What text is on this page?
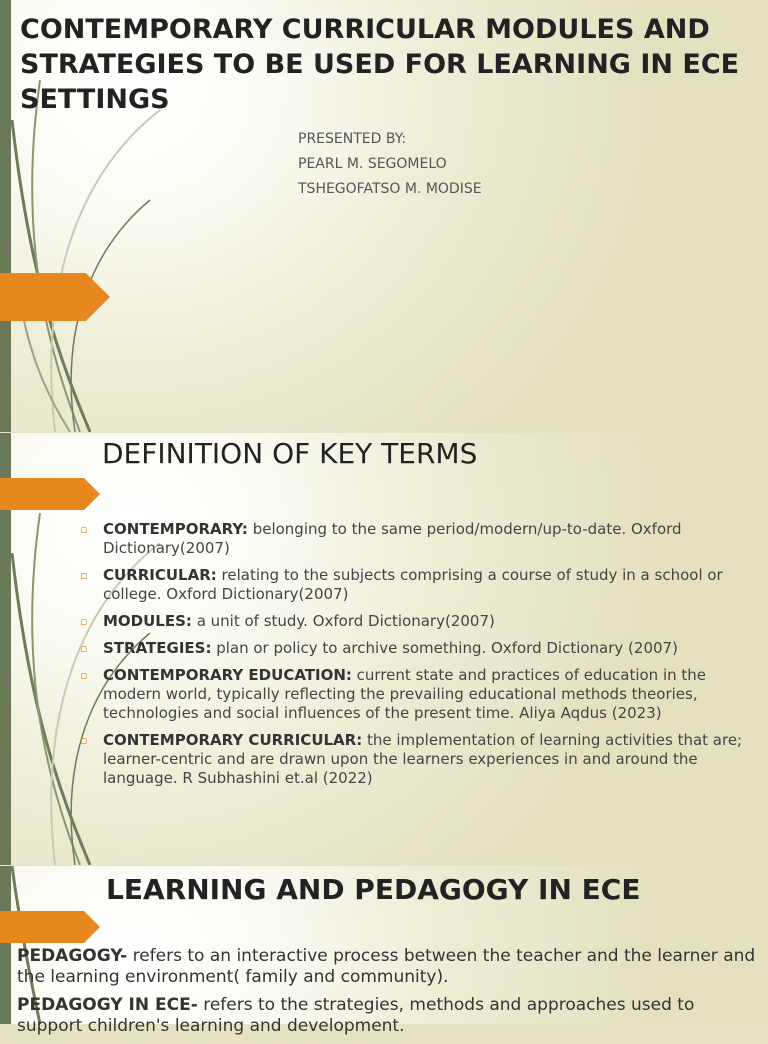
CONTEMPORARY CURRICULAR MODULES AND STRATEGIES TO BE USED FOR LEARNING IN ECE SETTINGS
PRESENTED BY:
PEARL M. SEGOMELO
TSHEGOFATSO M. MODISE
DEFINITION OF KEY TERMS
▫ CONTEMPORARY: belonging to the same period/modern/up-to-date. Oxford Dictionary(2007)
▫ CURRICULAR: relating to the subjects comprising a course of study in a school or college. Oxford Dictionary(2007)
▫ MODULES: a unit of study. Oxford Dictionary(2007)
▫ STRATEGIES: plan or policy to archive something. Oxford Dictionary (2007)
▫ CONTEMPORARY EDUCATION: current state and practices of education in the modern world, typically reflecting the prevailing educational methods theories, technologies and social influences of the present time. Aliya Aqdus (2023)
▫ CONTEMPORARY CURRICULAR: the implementation of learning activities that are; learner-centric and are drawn upon the learners experiences in and around the language. R Subhashini et.al (2022)
LEARNING AND PEDAGOGY IN ECE
PEDAGOGY- refers to an interactive process between the teacher and the learner and the learning environment( family and community).
PEDAGOGY IN ECE- refers to the strategies, methods and approaches used to support children's learning and development.
